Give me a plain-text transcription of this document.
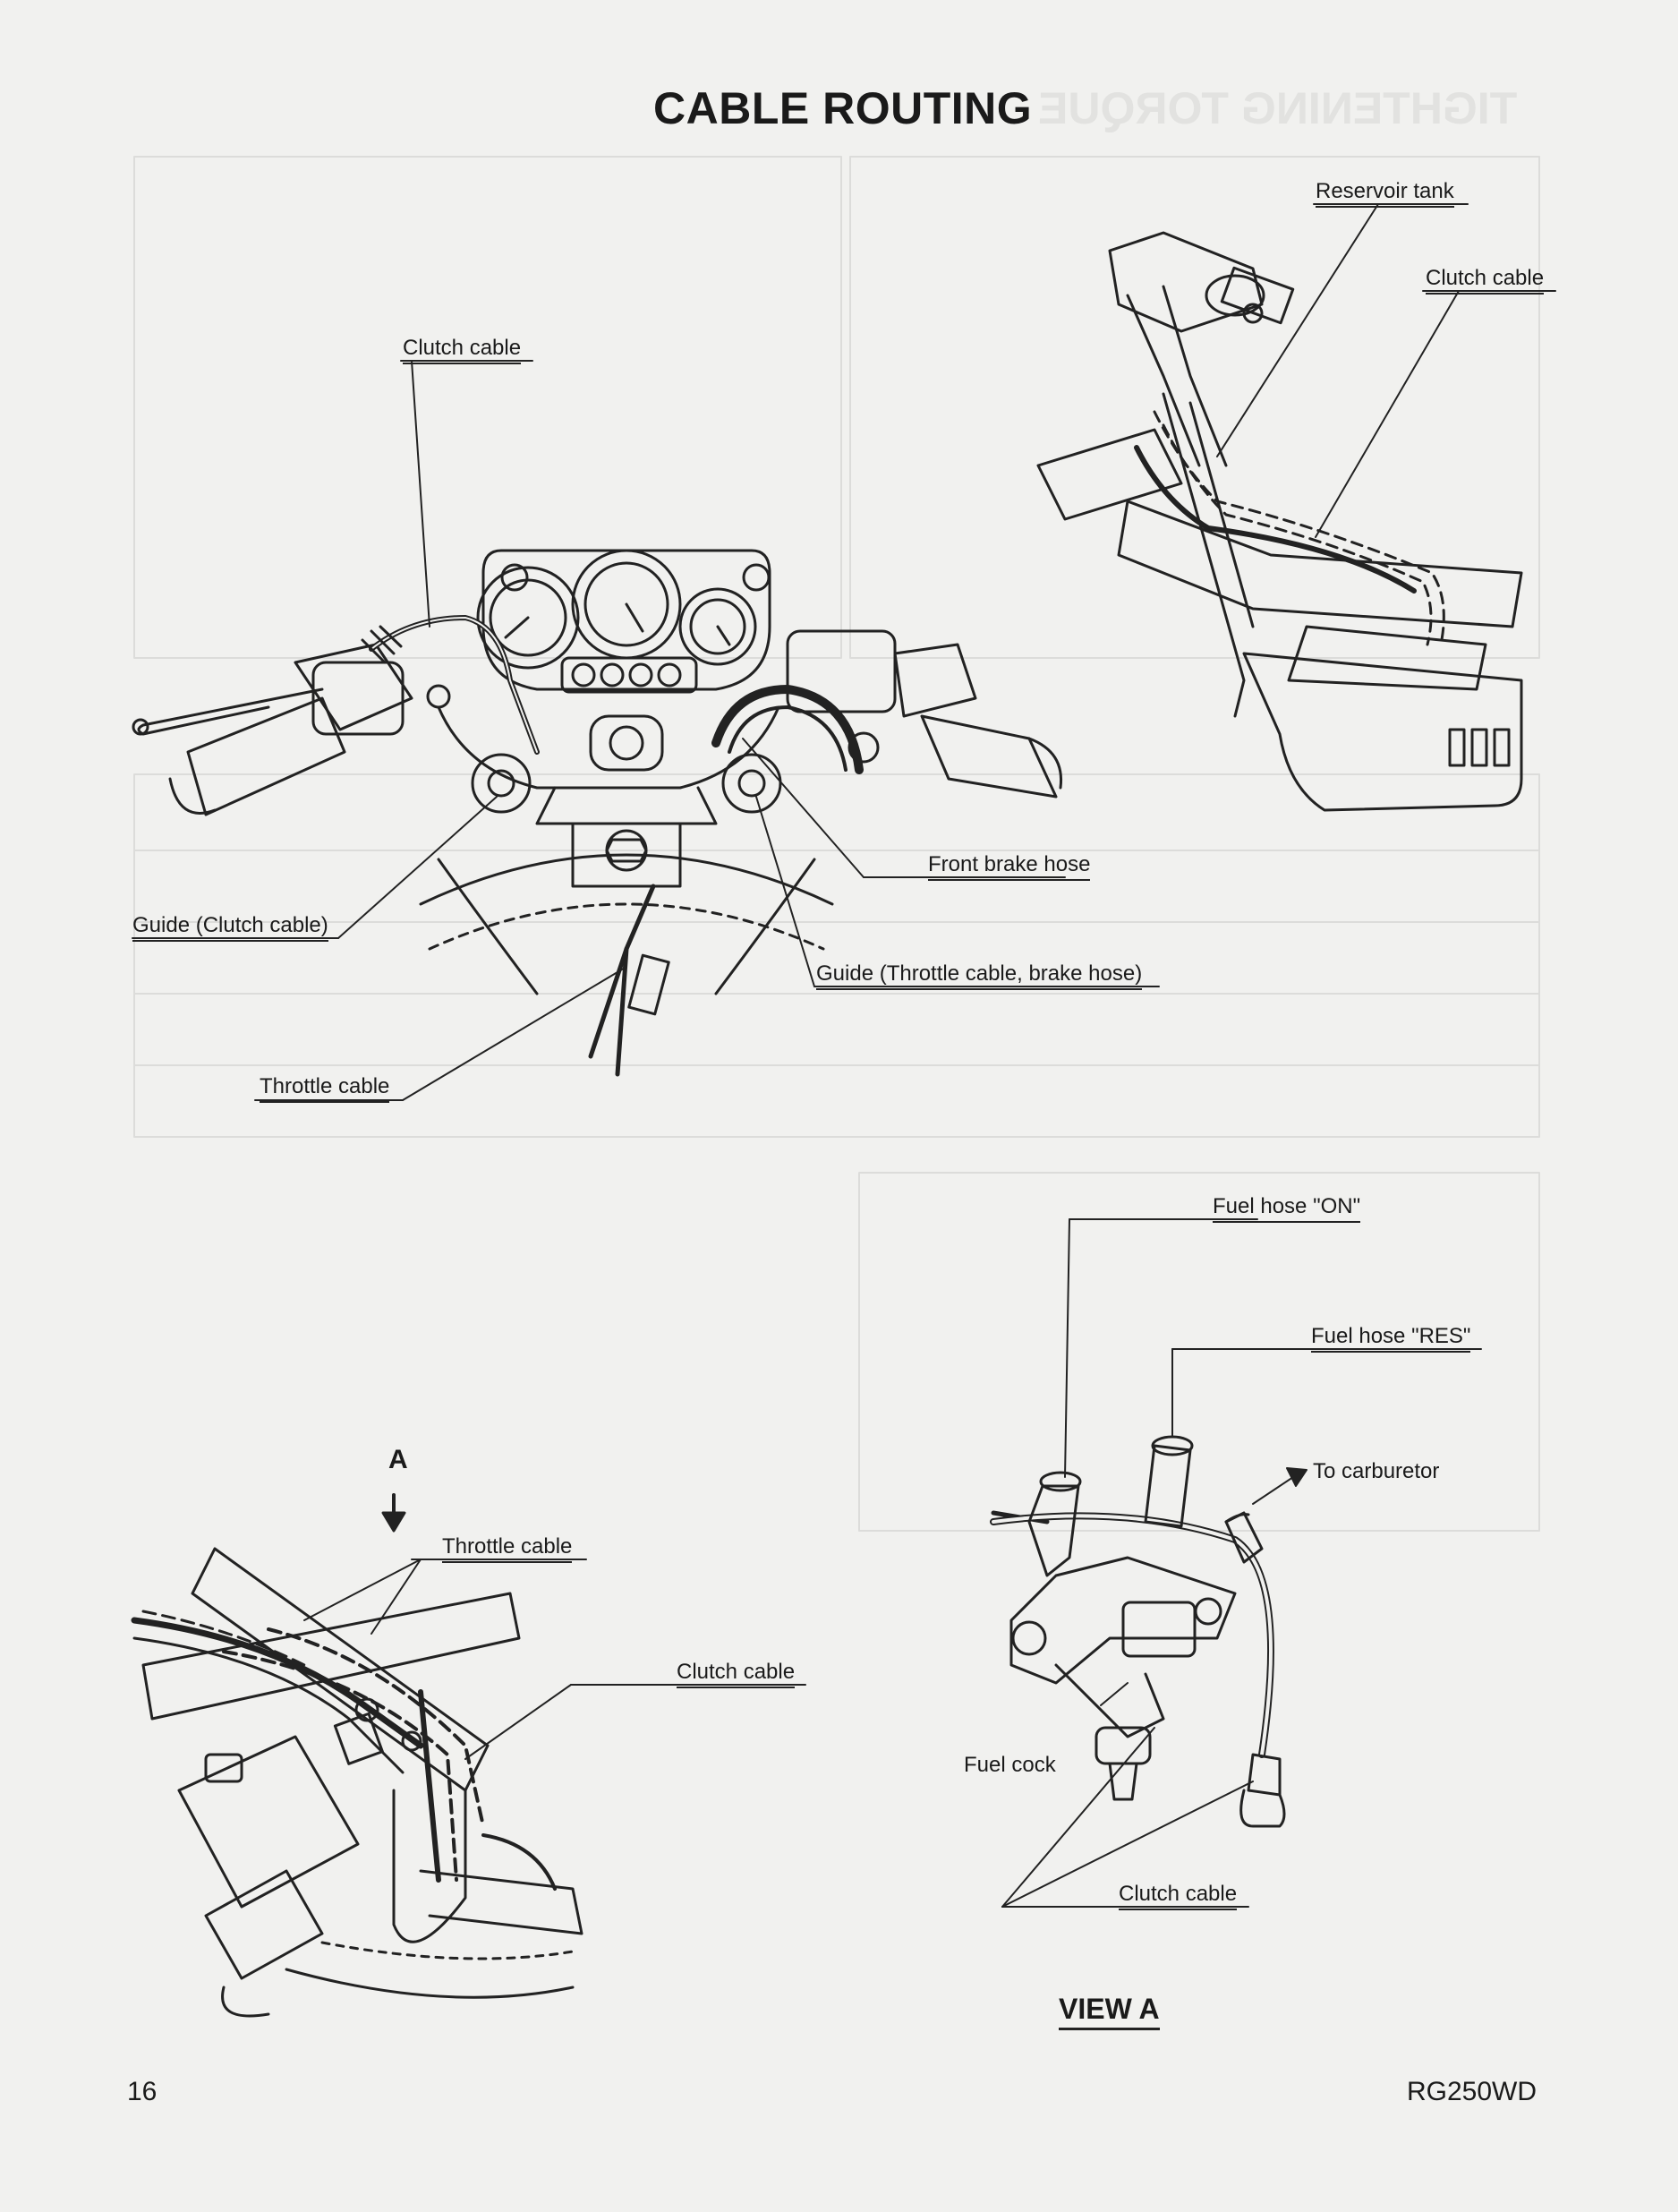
TIGHTENING TORQUE
CABLE ROUTING
Clutch cable
Guide (Clutch cable)
Throttle cable
Front brake hose
Guide (Throttle cable, brake hose)
Reservoir tank
Clutch cable
A
Throttle cable
Clutch cable
Fuel hose "ON"
Fuel hose "RES"
To carburetor
Fuel cock
Clutch cable
VIEW A
16	RG250WD
